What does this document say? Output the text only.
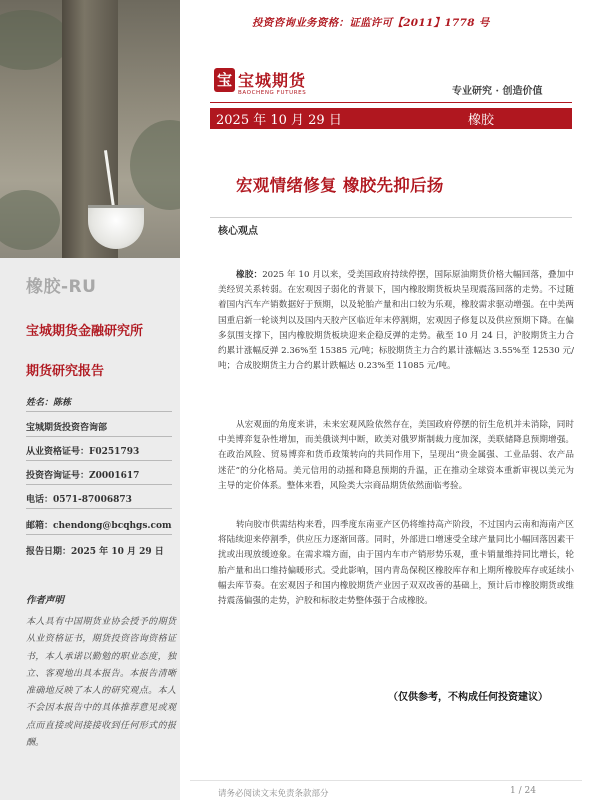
投资咨询业务资格：证监许可【2011】1778 号
橡胶-RU
宝城期货金融研究所
期货研究报告
姓名：陈栋
宝城期货投资咨询部
从业资格证号：F0251793
投资咨询证号：Z0001617
电话：0571-87006873
邮箱：chendong@bcqhgs.com
报告日期：2025 年 10 月 29 日
作者声明
本人具有中国期货业协会授予的期货从业资格证书，期货投资咨询资格证书，本人承诺以勤勉的职业态度，独立、客观地出具本报告。本报告清晰准确地反映了本人的研究观点。本人不会因本报告中的具体推荐意见或观点而直接或间接接收到任何形式的报酬。
宝 宝城期货
BAOCHENG FUTURES	专业研究 · 创造价值
2025 年 10 月 29 日	橡胶
宏观情绪修复 橡胶先抑后扬
核心观点

橡胶：2025 年 10 月以来，受美国政府持续停摆，国际原油期货价格大幅回落，叠加中美经贸关系转弱。在宏观因子弱化的背景下，国内橡胶期货板块呈现震荡回落的走势。不过随着国内汽车产销数据好于预期，以及轮胎产量和出口较为乐观，橡胶需求驱动增强。在中美两国重启新一轮谈判以及国内天胶产区临近年末停割期，宏观因子修复以及供应预期下降。在偏多氛围支撑下，国内橡胶期货板块迎来企稳反弹的走势。截至 10 月 24 日，沪胶期货主力合约累计涨幅反弹 2.36%至 15385 元/吨；标胶期货主力合约累计涨幅达 3.55%至 12530 元/吨；合成胶期货主力合约累计跌幅达 0.23%至 11085 元/吨。

从宏观面的角度来讲，未来宏观风险依然存在，美国政府停摆的衍生危机并未消除，同时中美博弈复杂性增加，而美俄谈判中断，欧美对俄罗斯制裁力度加深，美联储降息预期增强。在政治风险、贸易博弈和货币政策转向的共同作用下，呈现出“贵金属强、工业品弱、农产品迷茫”的分化格局。美元信用的动摇和降息预期的升温，正在推动全球资本重新审视以美元为主导的定价体系。整体来看，风险类大宗商品期货依然面临考验。

转向胶市供需结构来看，四季度东南亚产区仍将维持高产阶段，不过国内云南和海南产区将陆续迎来停割季，供应压力逐渐回落。同时，外部进口增速受全球产量同比小幅回落因素干扰或出现放缓迹象。在需求端方面，由于国内车市产销形势乐观，重卡销量维持同比增长，轮胎产量和出口维持偏暖形式。受此影响，国内青岛保税区橡胶库存和上期所橡胶库存或延续小幅去库节奏。在宏观因子和国内橡胶期货产业因子双双改善的基础上，预计后市橡胶期货或维持震荡偏强的走势，沪胶和标胶走势整体强于合成橡胶。

（仅供参考，不构成任何投资建议）
请务必阅读文末免责条款部分	1 / 24
